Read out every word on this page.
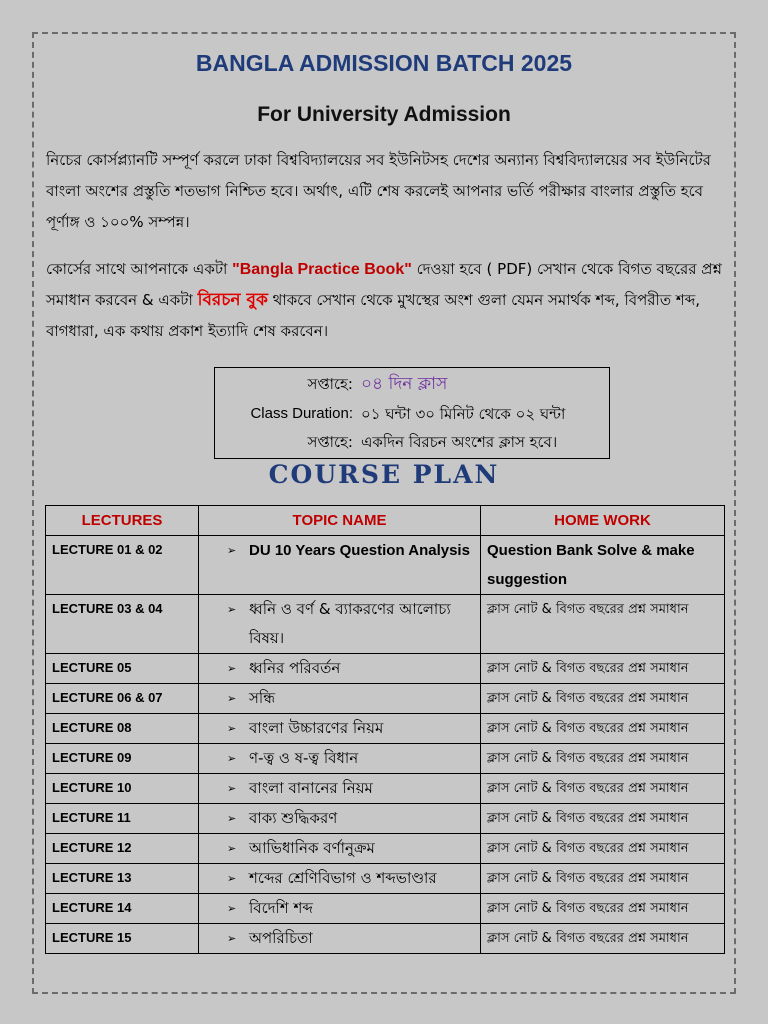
BANGLA ADMISSION BATCH 2025
For University Admission
নিচের কোর্সপ্ল্যানটি সম্পূর্ণ করলে ঢাকা বিশ্ববিদ্যালয়ের সব ইউনিটসহ দেশের অন্যান্য বিশ্ববিদ্যালয়ের সব ইউনিটের বাংলা অংশের প্রস্তুতি শতভাগ নিশ্চিত হবে। অর্থাৎ, এটি শেষ করলেই আপনার ভর্তি পরীক্ষার বাংলার প্রস্তুতি হবে পূর্ণাঙ্গ ও ১০০% সম্পন্ন।
কোর্সের সাথে আপনাকে একটা "Bangla Practice Book" দেওয়া হবে ( PDF) সেখান থেকে বিগত বছরের প্রশ্ন সমাধান করবেন & একটা বিরচন বুক থাকবে সেখান থেকে মুখস্থের অংশ গুলা যেমন সমার্থক শব্দ, বিপরীত শব্দ, বাগধারা, এক কথায় প্রকাশ ইত্যাদি শেষ করবেন।
সপ্তাহে: ০৪ দিন ক্লাস
Class Duration: ০১ ঘন্টা ৩০ মিনিট থেকে ০২ ঘন্টা
সপ্তাহে: একদিন বিরচন অংশের ক্লাস হবে।
COURSE PLAN
LECTURES	TOPIC NAME	HOME WORK
LECTURE 01 & 02	➢ DU 10 Years Question Analysis	Question Bank Solve & make suggestion
LECTURE 03 & 04	➢ ধ্বনি ও বর্ণ & ব্যাকরণের আলোচ্য বিষয়।	ক্লাস নোট & বিগত বছরের প্রশ্ন সমাধান
LECTURE 05	➢ ধ্বনির পরিবর্তন	ক্লাস নোট & বিগত বছরের প্রশ্ন সমাধান
LECTURE 06 & 07	➢ সন্ধি	ক্লাস নোট & বিগত বছরের প্রশ্ন সমাধান
LECTURE 08	➢ বাংলা উচ্চারণের নিয়ম	ক্লাস নোট & বিগত বছরের প্রশ্ন সমাধান
LECTURE 09	➢ ণ-ত্ব ও ষ-ত্ব বিধান	ক্লাস নোট & বিগত বছরের প্রশ্ন সমাধান
LECTURE 10	➢ বাংলা বানানের নিয়ম	ক্লাস নোট & বিগত বছরের প্রশ্ন সমাধান
LECTURE 11	➢ বাক্য শুদ্ধিকরণ	ক্লাস নোট & বিগত বছরের প্রশ্ন সমাধান
LECTURE 12	➢ আভিধানিক বর্ণানুক্রম	ক্লাস নোট & বিগত বছরের প্রশ্ন সমাধান
LECTURE 13	➢ শব্দের শ্রেণিবিভাগ ও শব্দভাণ্ডার	ক্লাস নোট & বিগত বছরের প্রশ্ন সমাধান
LECTURE 14	➢ বিদেশি শব্দ	ক্লাস নোট & বিগত বছরের প্রশ্ন সমাধান
LECTURE 15	➢ অপরিচিতা	ক্লাস নোট & বিগত বছরের প্রশ্ন সমাধান
